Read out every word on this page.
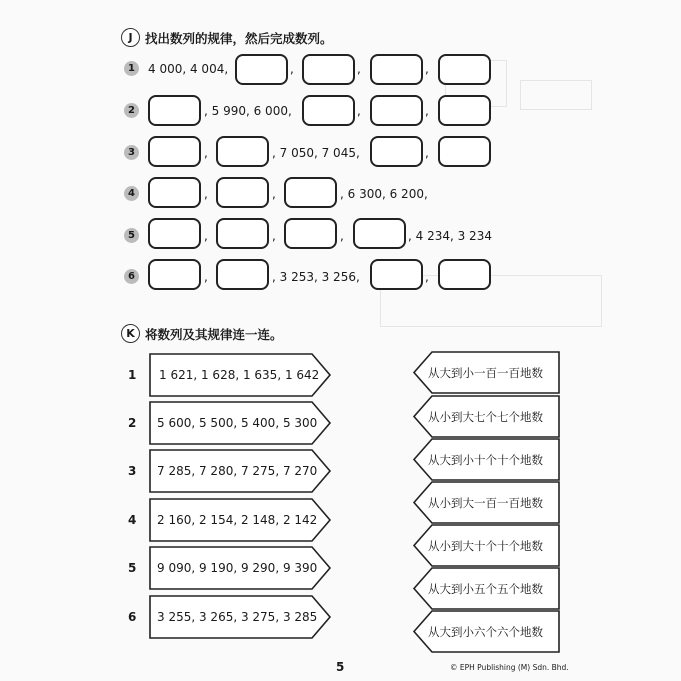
J 找出数列的规律，然后完成数列。
1	4 000, 4 004,	,	,	,
2	, 5 990, 6 000,	,	,
3	,	, 7 050, 7 045,	,
4	,	,	, 6 300, 6 200,
5	,	,	,	, 4 234, 3 234
6	,	, 3 253, 3 256,	,
K 将数列及其规律连一连。
1 1 621, 1 628, 1 635, 1 642
2 5 600, 5 500, 5 400, 5 300
3 7 285, 7 280, 7 275, 7 270
4 2 160, 2 154, 2 148, 2 142
5 9 090, 9 190, 9 290, 9 390
6 3 255, 3 265, 3 275, 3 285
从大到小一百一百地数
从小到大七个七个地数
从大到小十个十个地数
从小到大一百一百地数
从小到大十个十个地数
从大到小五个五个地数
从大到小六个六个地数
5	© EPH Publishing (M) Sdn. Bhd.
